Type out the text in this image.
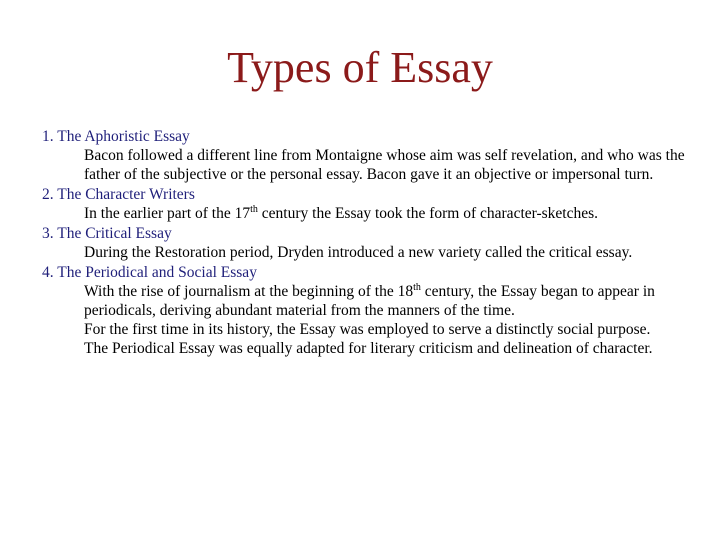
Types of Essay

1. The Aphoristic Essay

Bacon followed a different line from Montaigne whose aim was self revelation, and who was the father of the subjective or the personal essay. Bacon gave it an objective or impersonal turn.

2. The Character Writers

In the earlier part of the 17th century the Essay took the form of character-sketches.

3. The Critical Essay

During the Restoration period, Dryden introduced a new variety called the critical essay.

4. The Periodical and Social Essay

With the rise of journalism at the beginning of the 18th century, the Essay began to appear in periodicals, deriving abundant material from the manners of the time.

For the first time in its history, the Essay was employed to serve a distinctly social purpose.

The Periodical Essay was equally adapted for literary criticism and delineation of character.
